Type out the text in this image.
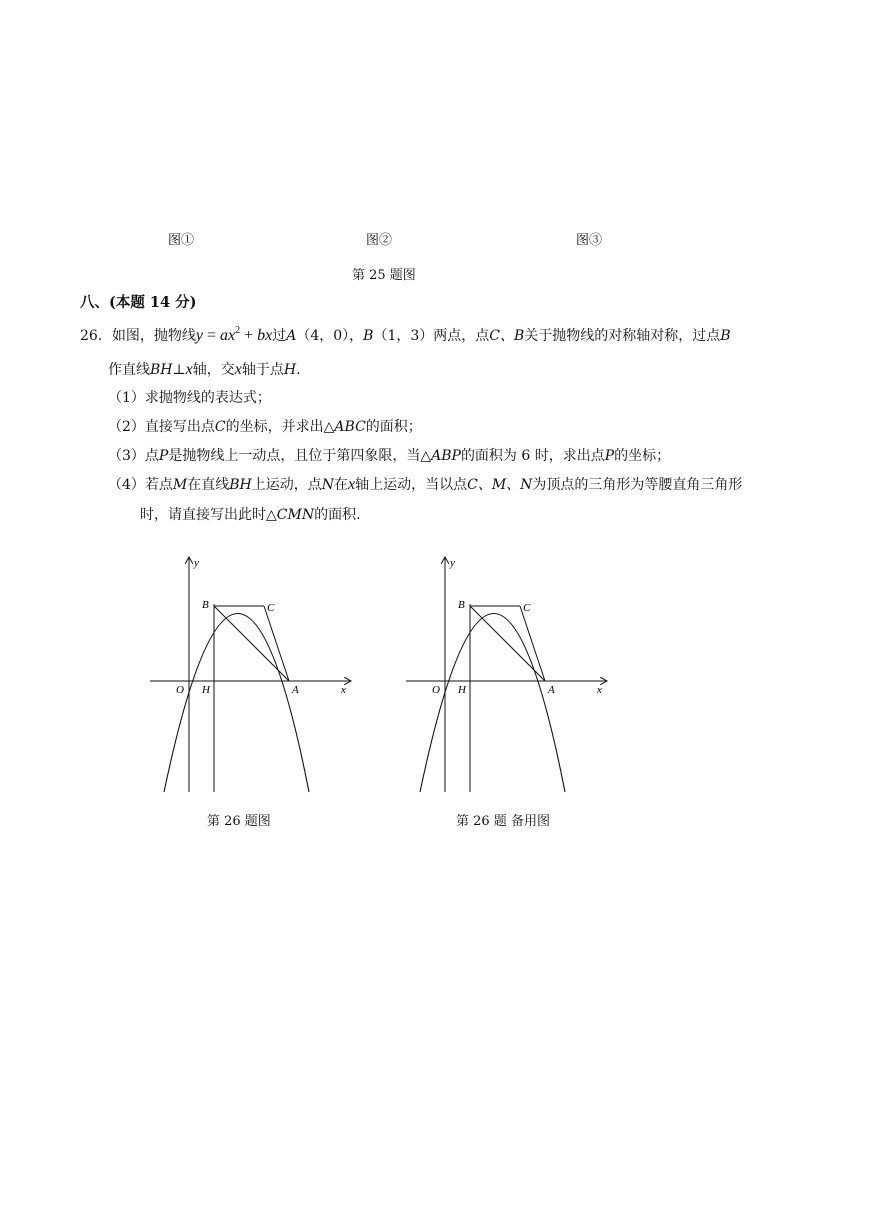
图①	图②	图③
第 25 题图
八、(本题 14 分)
26．如图，抛物线$y = ax^2$ + bx过A（4，0），B（1，3）两点，点C、B关于抛物线的对称轴对称，过点B
作直线BH⊥x轴，交x轴于点H.
（1）求抛物线的表达式；
（2）直接写出点C的坐标，并求出△ABC的面积；
（3）点P是抛物线上一动点，且位于第四象限，当△ABP的面积为 6 时，求出点P的坐标；
（4）若点M在直线BH上运动，点N在x轴上运动，当以点C、M、N为顶点的三角形为等腰直角三角形
时，请直接写出此时△CMN的面积.
y
x
B	C
O H	A
第 26 题图
y
x
B	C
O H	A
第 26 题 备用图
